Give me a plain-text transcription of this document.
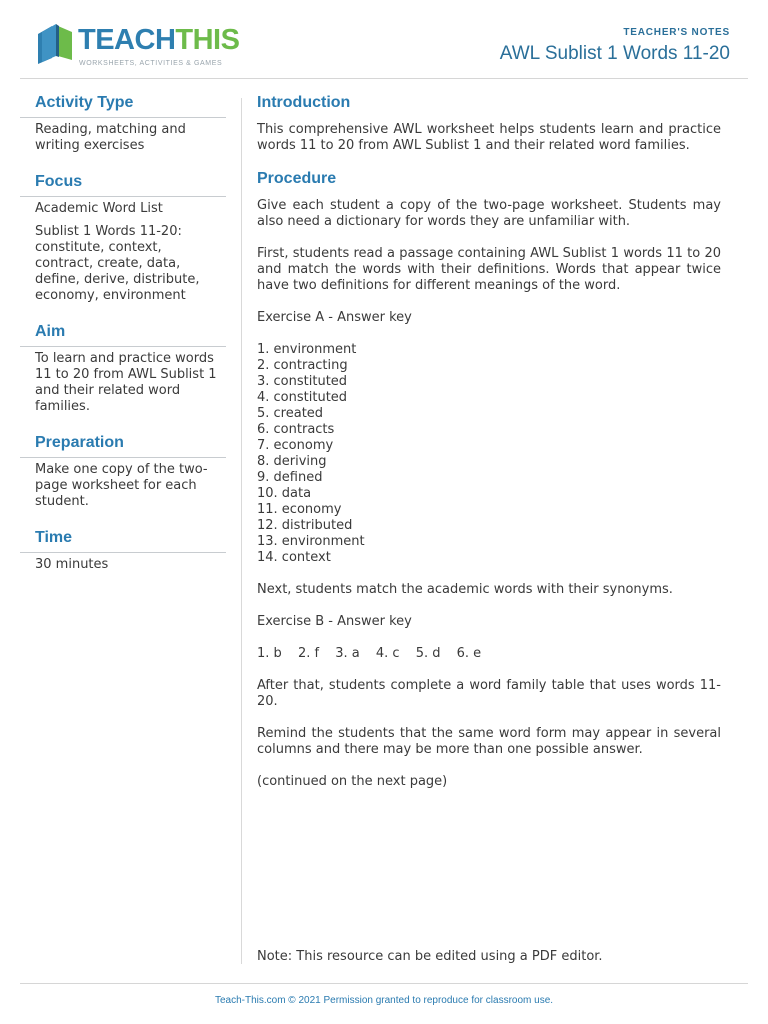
TEACHTHIS
WORKSHEETS, ACTIVITIES & GAMES
TEACHER'S NOTES
AWL Sublist 1 Words 11-20
Activity Type

Reading, matching and writing exercises

Focus

Academic Word List

Sublist 1 Words 11-20: constitute, context, contract, create, data, define, derive, distribute, economy, environment

Aim

To learn and practice words 11 to 20 from AWL Sublist 1 and their related word families.

Preparation

Make one copy of the two-page worksheet for each student.

Time

30 minutes

Introduction

This comprehensive AWL worksheet helps students learn and practice words 11 to 20 from AWL Sublist 1 and their related word families.

Procedure

Give each student a copy of the two-page worksheet. Students may also need a dictionary for words they are unfamiliar with.

First, students read a passage containing AWL Sublist 1 words 11 to 20 and match the words with their definitions. Words that appear twice have two definitions for different meanings of the word.

Exercise A - Answer key

1. environment
2. contracting
3. constituted
4. constituted
5. created
6. contracts
7. economy
8. deriving
9. defined
10. data
11. economy
12. distributed
13. environment
14. context

Next, students match the academic words with their synonyms.

Exercise B - Answer key

1. b 2. f 3. a 4. c 5. d 6. e

After that, students complete a word family table that uses words 11-20.

Remind the students that the same word form may appear in several columns and there may be more than one possible answer.

(continued on the next page)

Note: This resource can be edited using a PDF editor.
Teach-This.com © 2021 Permission granted to reproduce for classroom use.
